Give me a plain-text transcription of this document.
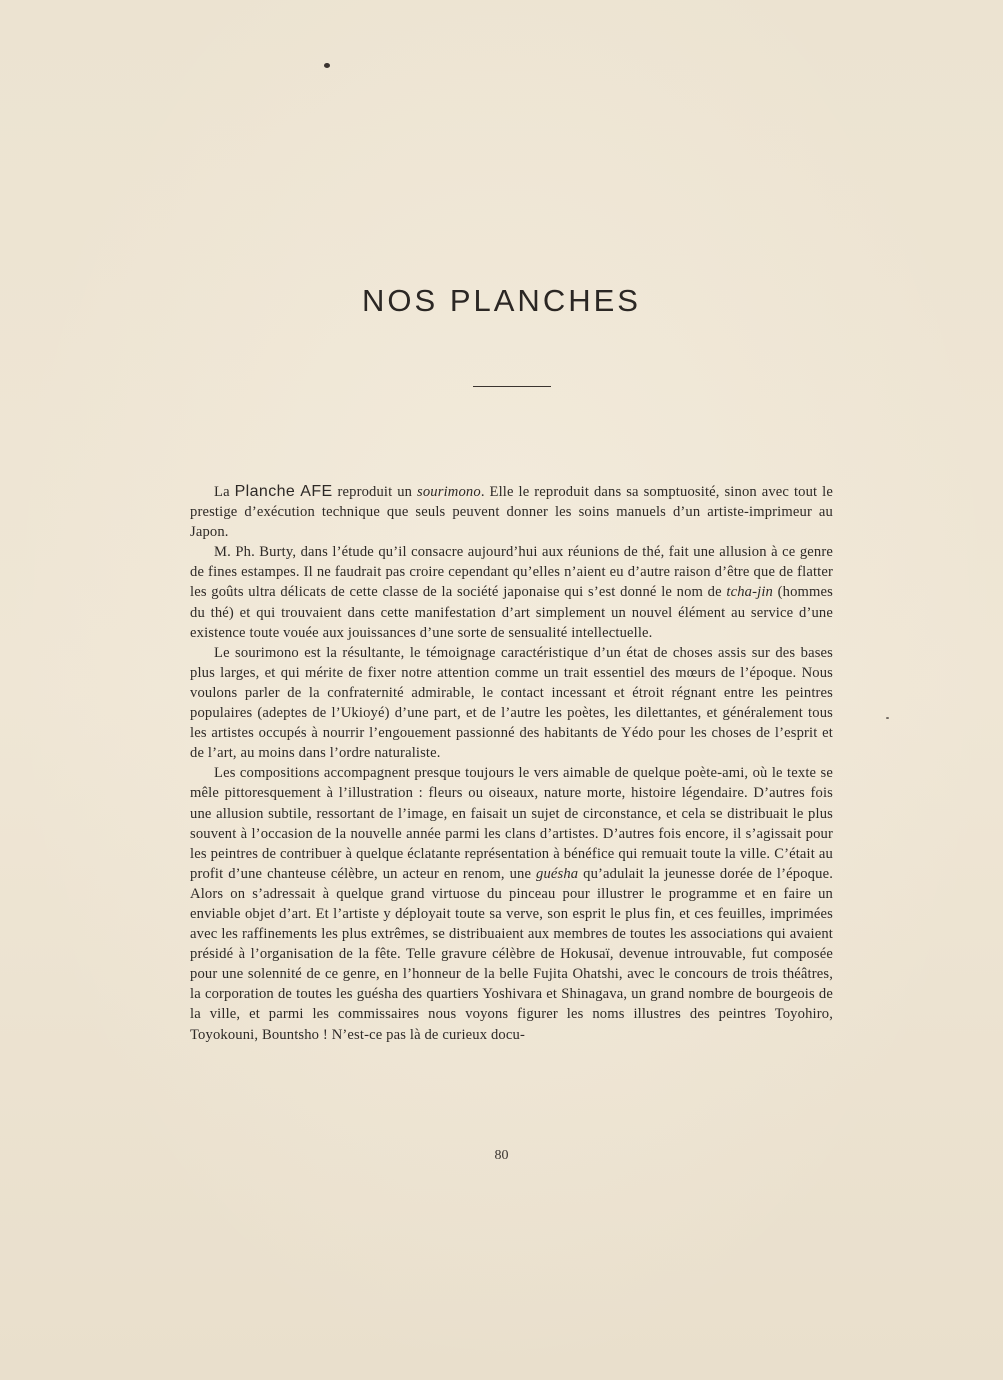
NOS PLANCHES

La Planche AFE reproduit un sourimono. Elle le reproduit dans sa somptuosité, sinon avec tout le prestige d’exécution technique que seuls peuvent donner les soins manuels d’un artiste-imprimeur au Japon.

M. Ph. Burty, dans l’étude qu’il consacre aujourd’hui aux réunions de thé, fait une allusion à ce genre de fines estampes. Il ne faudrait pas croire cependant qu’elles n’aient eu d’autre raison d’être que de flatter les goûts ultra délicats de cette classe de la société japonaise qui s’est donné le nom de tcha-jin (hommes du thé) et qui trouvaient dans cette manifestation d’art simplement un nouvel élément au service d’une existence toute vouée aux jouissances d’une sorte de sensualité intellectuelle.

Le sourimono est la résultante, le témoignage caractéristique d’un état de choses assis sur des bases plus larges, et qui mérite de fixer notre attention comme un trait essentiel des mœurs de l’époque. Nous voulons parler de la confraternité admirable, le contact incessant et étroit régnant entre les peintres populaires (adeptes de l’Ukioyé) d’une part, et de l’autre les poètes, les dilettantes, et généralement tous les artistes occupés à nourrir l’engouement passionné des habitants de Yédo pour les choses de l’esprit et de l’art, au moins dans l’ordre naturaliste.

Les compositions accompagnent presque toujours le vers aimable de quelque poète-ami, où le texte se mêle pittoresquement à l’illustration : fleurs ou oiseaux, nature morte, histoire légendaire. D’autres fois une allusion subtile, ressortant de l’image, en faisait un sujet de circonstance, et cela se distribuait le plus souvent à l’occasion de la nouvelle année parmi les clans d’artistes. D’autres fois encore, il s’agissait pour les peintres de contribuer à quelque éclatante représentation à bénéfice qui remuait toute la ville. C’était au profit d’une chanteuse célèbre, un acteur en renom, une guésha qu’adulait la jeunesse dorée de l’époque. Alors on s’adressait à quelque grand virtuose du pinceau pour illustrer le programme et en faire un enviable objet d’art. Et l’artiste y déployait toute sa verve, son esprit le plus fin, et ces feuilles, imprimées avec les raffinements les plus extrêmes, se distribuaient aux membres de toutes les associations qui avaient présidé à l’organisation de la fête. Telle gravure célèbre de Hokusaï, devenue introuvable, fut composée pour une solennité de ce genre, en l’honneur de la belle Fujita Ohatshi, avec le concours de trois théâtres, la corporation de toutes les guésha des quartiers Yoshivara et Shinagava, un grand nombre de bourgeois de la ville, et parmi les commissaires nous voyons figurer les noms illustres des peintres Toyohiro, Toyokouni, Bountsho ! N’est-ce pas là de curieux docu-

80
